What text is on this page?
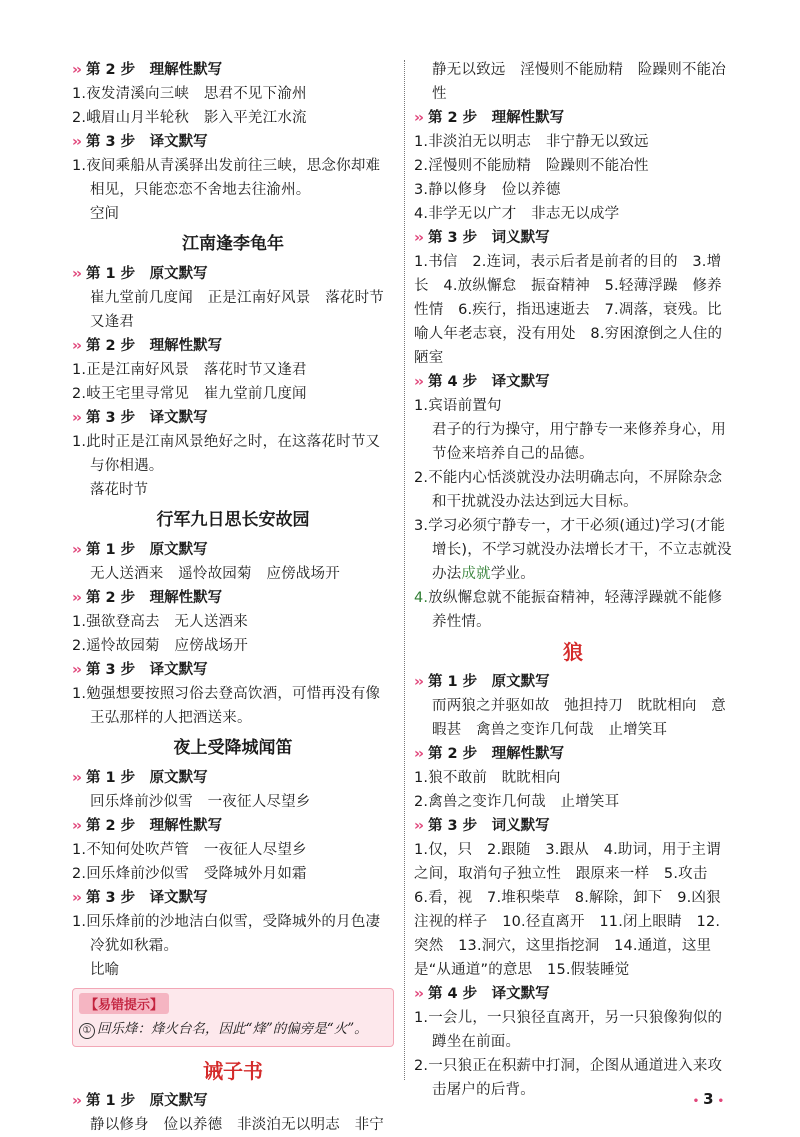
›› 第 2 步　理解性默写
1.夜发清溪向三峡　思君不见下渝州
2.峨眉山月半轮秋　影入平羌江水流
›› 第 3 步　译文默写
1.夜间乘船从青溪驿出发前往三峡，思念你却难相见，只能恋恋不舍地去往渝州。
空间
江南逢李龟年
›› 第 1 步　原文默写
崔九堂前几度闻　正是江南好风景　落花时节又逢君
›› 第 2 步　理解性默写
1.正是江南好风景　落花时节又逢君
2.岐王宅里寻常见　崔九堂前几度闻
›› 第 3 步　译文默写
1.此时正是江南风景绝好之时，在这落花时节又与你相遇。
落花时节
行军九日思长安故园
›› 第 1 步　原文默写
无人送酒来　遥怜故园菊　应傍战场开
›› 第 2 步　理解性默写
1.强欲登高去　无人送酒来
2.遥怜故园菊　应傍战场开
›› 第 3 步　译文默写
1.勉强想要按照习俗去登高饮酒，可惜再没有像王弘那样的人把酒送来。
夜上受降城闻笛
›› 第 1 步　原文默写
回乐烽前沙似雪　一夜征人尽望乡
›› 第 2 步　理解性默写
1.不知何处吹芦管　一夜征人尽望乡
2.回乐烽前沙似雪　受降城外月如霜
›› 第 3 步　译文默写
1.回乐烽前的沙地洁白似雪，受降城外的月色凄冷犹如秋霜。
比喻
【易错提示】
① 回乐烽：烽火台名，因此“烽”的偏旁是“火”。
诫子书
›› 第 1 步　原文默写
静以修身　俭以养德　非淡泊无以明志　非宁
静无以致远　淫慢则不能励精　险躁则不能冶性
›› 第 2 步　理解性默写
1.非淡泊无以明志　非宁静无以致远
2.淫慢则不能励精　险躁则不能冶性
3.静以修身　俭以养德
4.非学无以广才　非志无以成学
›› 第 3 步　词义默写
1.书信　2.连词，表示后者是前者的目的　3.增长　4.放纵懈怠　振奋精神　5.轻薄浮躁　修养性情　6.疾行，指迅速逝去　7.凋落，衰残。比喻人年老志衰，没有用处　8.穷困潦倒之人住的陋室
›› 第 4 步　译文默写
1.宾语前置句
君子的行为操守，用宁静专一来修养身心，用节俭来培养自己的品德。
2.不能内心恬淡就没办法明确志向，不屏除杂念和干扰就没办法达到远大目标。
3.学习必须宁静专一，才干必须(通过)学习(才能增长)，不学习就没办法增长才干，不立志就没办法成就学业。
4.放纵懈怠就不能振奋精神，轻薄浮躁就不能修养性情。
狼
›› 第 1 步　原文默写
而两狼之并驱如故　弛担持刀　眈眈相向　意暇甚　禽兽之变诈几何哉　止增笑耳
›› 第 2 步　理解性默写
1.狼不敢前　眈眈相向
2.禽兽之变诈几何哉　止增笑耳
›› 第 3 步　词义默写
1.仅，只　2.跟随　3.跟从　4.助词，用于主谓之间，取消句子独立性　跟原来一样　5.攻击　6.看，视　7.堆积柴草　8.解除，卸下　9.凶狠注视的样子　10.径直离开　11.闭上眼睛　12.突然　13.洞穴，这里指挖洞　14.通道，这里是“从通道”的意思　15.假装睡觉
›› 第 4 步　译文默写
1.一会儿，一只狼径直离开，另一只狼像狗似的蹲坐在前面。
2.一只狼正在积薪中打洞，企图从通道进入来攻击屠户的后背。
• 3 •
